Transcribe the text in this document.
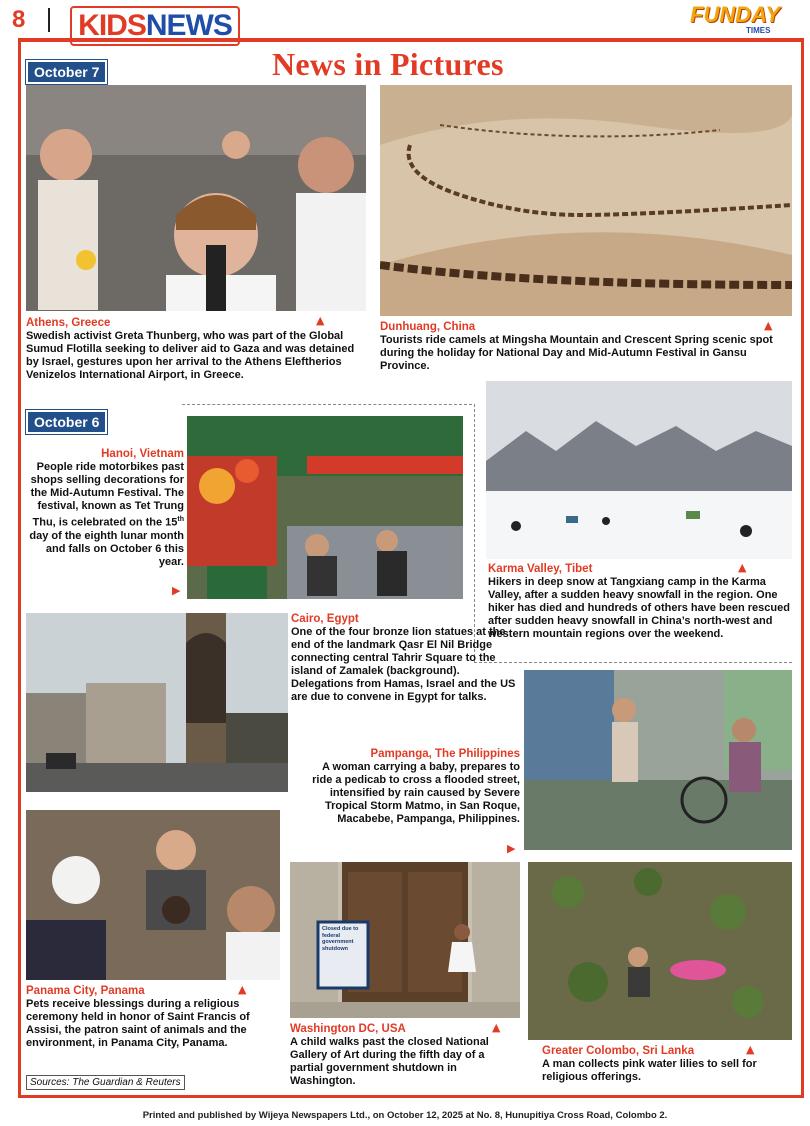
8 KIDS NEWS	FUNDAY
TIMES
October 7	News in Pictures
▲
Athens, Greece
Swedish activist Greta Thunberg, who was part of the Global Sumud Flotilla seeking to deliver aid to Gaza and was detained by Israel, gestures upon her arrival to the Athens Eleftherios Venizelos International Airport, in Greece.
▲
Dunhuang, China
Tourists ride camels at Mingsha Mountain and Crescent Spring scenic spot during the holiday for National Day and Mid-Autumn Festival in Gansu Province.
October 6
Hanoi, Vietnam
People ride motorbikes past shops selling decorations for the Mid-Autumn Festival. The festival, known as Tet Trung Thu, is celebrated on the 15th day of the eighth lunar month and falls on October 6 this year.
▶
Karma Valley, Tibet	▲
Hikers in deep snow at Tangxiang camp in the Karma Valley, after a sudden heavy snowfall in the region. One hiker has died and hundreds of others have been rescued after sudden heavy snowfall in China’s north-west and western mountain regions over the weekend.
Cairo, Egypt
One of the four bronze lion statues at the end of the landmark Qasr El Nil Bridge connecting central Tahrir Square to the island of Zamalek (background). Delegations from Hamas, Israel and the US are due to convene in Egypt for talks.
Pampanga, The Philippines
A woman carrying a baby, prepares to ride a pedicab to cross a flooded street, intensified by rain caused by Severe Tropical Storm Matmo, in San Roque, Macabebe, Pampanga, Philippines.
▶
▲
Panama City, Panama
Pets receive blessings during a religious ceremony held in honor of Saint Francis of Assisi, the patron saint of animals and the environment, in Panama City, Panama.
Closed due to federal government shutdown
▲
Washington DC, USA
A child walks past the closed National Gallery of Art during the fifth day of a partial government shutdown in Washington.
▲
Greater Colombo, Sri Lanka
A man collects pink water lilies to sell for religious offerings.
Sources: The Guardian & Reuters
Printed and published by Wijeya Newspapers Ltd., on October 12, 2025 at No. 8, Hunupitiya Cross Road, Colombo 2.
